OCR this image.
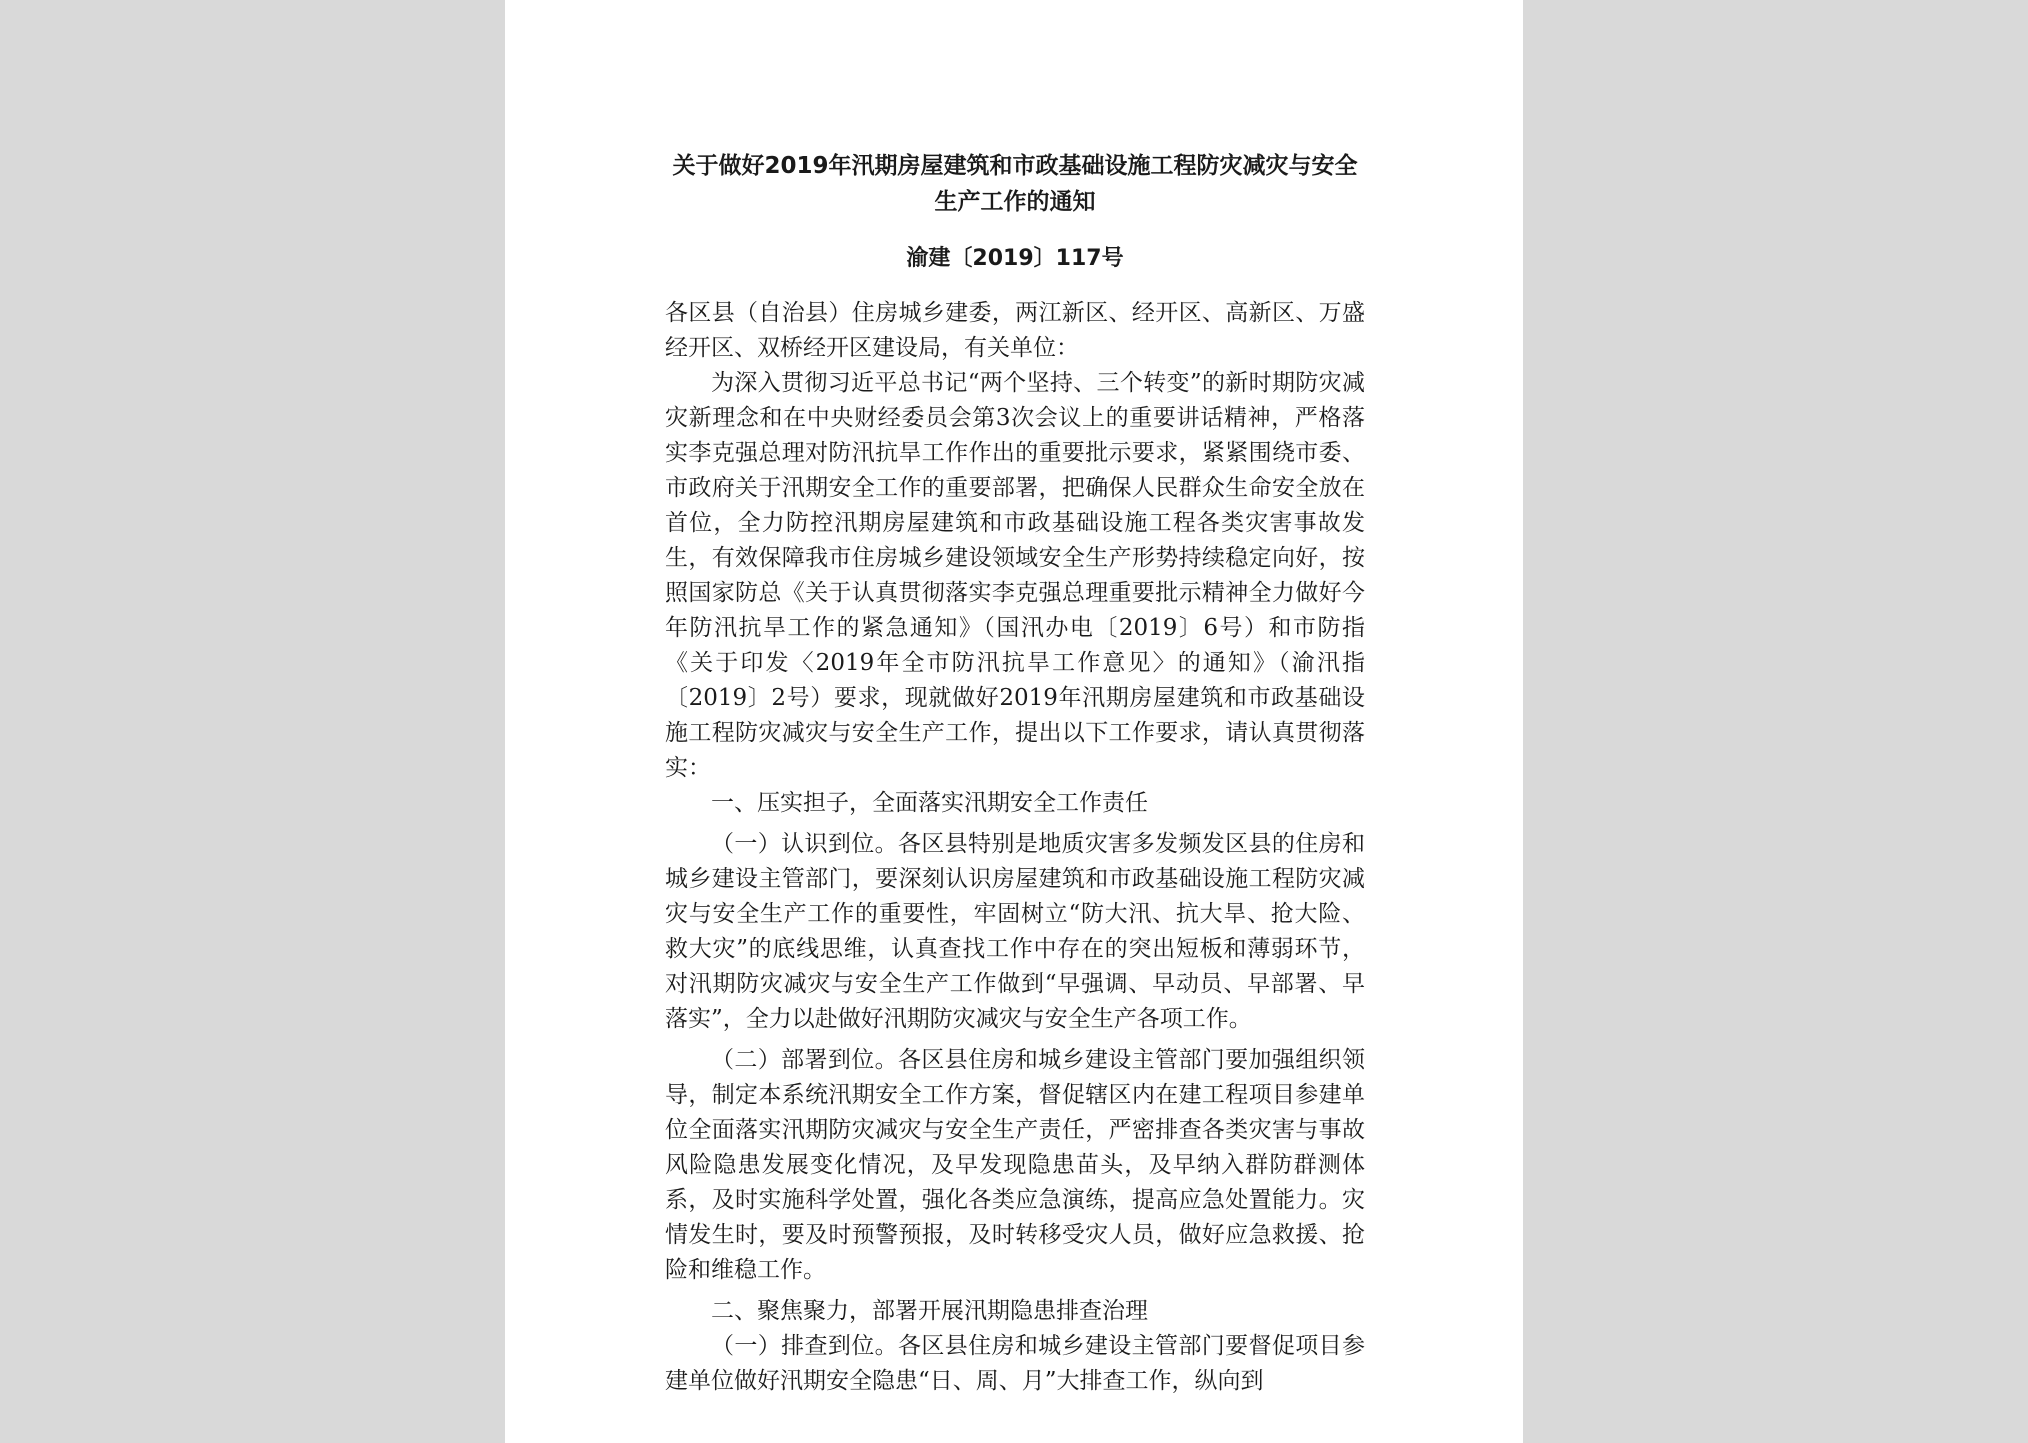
关于做好2019年汛期房屋建筑和市政基础设施工程防灾减灾与安全生产工作的通知
渝建〔2019〕117号

各区县（自治县）住房城乡建委，两江新区、经开区、高新区、万盛经开区、双桥经开区建设局，有关单位：

为深入贯彻习近平总书记“两个坚持、三个转变”的新时期防灾减灾新理念和在中央财经委员会第3次会议上的重要讲话精神，严格落实李克强总理对防汛抗旱工作作出的重要批示要求，紧紧围绕市委、市政府关于汛期安全工作的重要部署，把确保人民群众生命安全放在首位，全力防控汛期房屋建筑和市政基础设施工程各类灾害事故发生，有效保障我市住房城乡建设领域安全生产形势持续稳定向好，按照国家防总《关于认真贯彻落实李克强总理重要批示精神全力做好今年防汛抗旱工作的紧急通知》（国汛办电〔2019〕6号）和市防指《关于印发〈2019年全市防汛抗旱工作意见〉的通知》（渝汛指〔2019〕2号）要求，现就做好2019年汛期房屋建筑和市政基础设施工程防灾减灾与安全生产工作，提出以下工作要求，请认真贯彻落实：

一、压实担子，全面落实汛期安全工作责任

（一）认识到位。各区县特别是地质灾害多发频发区县的住房和城乡建设主管部门，要深刻认识房屋建筑和市政基础设施工程防灾减灾与安全生产工作的重要性，牢固树立“防大汛、抗大旱、抢大险、救大灾”的底线思维，认真查找工作中存在的突出短板和薄弱环节，对汛期防灾减灾与安全生产工作做到“早强调、早动员、早部署、早落实”，全力以赴做好汛期防灾减灾与安全生产各项工作。

（二）部署到位。各区县住房和城乡建设主管部门要加强组织领导，制定本系统汛期安全工作方案，督促辖区内在建工程项目参建单位全面落实汛期防灾减灾与安全生产责任，严密排查各类灾害与事故风险隐患发展变化情况，及早发现隐患苗头，及早纳入群防群测体系，及时实施科学处置，强化各类应急演练，提高应急处置能力。灾情发生时，要及时预警预报，及时转移受灾人员，做好应急救援、抢险和维稳工作。

二、聚焦聚力，部署开展汛期隐患排查治理

（一）排查到位。各区县住房和城乡建设主管部门要督促项目参建单位做好汛期安全隐患“日、周、月”大排查工作，纵向到
